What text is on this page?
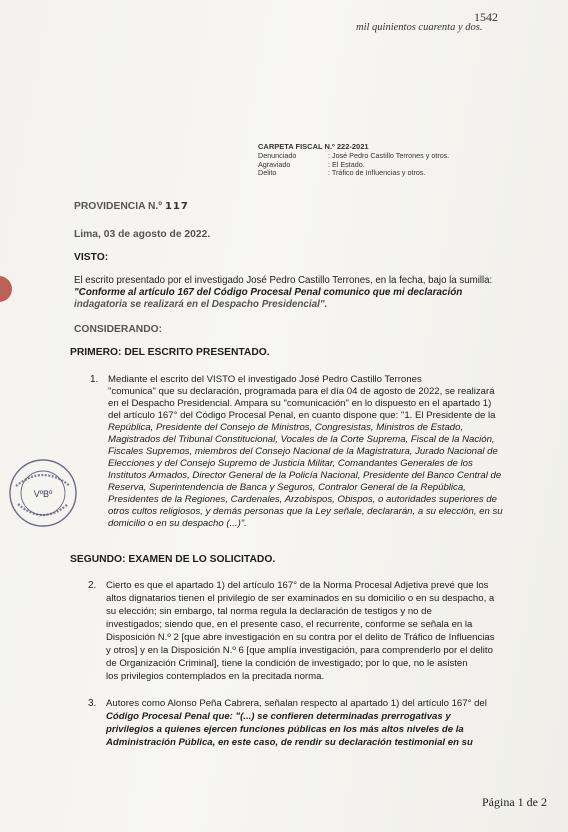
1542
mil quinientos cuarenta y dos.
CARPETA FISCAL N.º 222-2021
Denunciado	: José Pedro Castillo Terrones y otros.
Agraviado	: El Estado.
Delito	: Tráfico de Influencias y otros.
PROVIDENCIA N.º 117
Lima, 03 de agosto de 2022.
VISTO:
El escrito presentado por el investigado José Pedro Castillo Terrones, en la fecha, bajo la sumilla:
"Conforme al artículo 167 del Código Procesal Penal comunico que mi declaración
indagatoria se realizará en el Despacho Presidencial".
CONSIDERANDO:
PRIMERO: DEL ESCRITO PRESENTADO.
1. Mediante el escrito del VISTO el investigado José Pedro Castillo Terrones
"comunica" que su declaración, programada para el día 04 de agosto de 2022, se realizará
en el Despacho Presidencial. Ampara su "comunicación" en lo dispuesto en el apartado 1)
del artículo 167° del Código Procesal Penal, en cuanto dispone que: "1. El Presidente de la
República, Presidente del Consejo de Ministros, Congresistas, Ministros de Estado,
Magistrados del Tribunal Constitucional, Vocales de la Corte Suprema, Fiscal de la Nación,
Fiscales Supremos, miembros del Consejo Nacional de la Magistratura, Jurado Nacional de
Elecciones y del Consejo Supremo de Justicia Militar, Comandantes Generales de los
Institutos Armados, Director General de la Policía Nacional, Presidente del Banco Central de
Reserva, Superintendencia de Banca y Seguros, Contralor General de la República,
Presidentes de la Regiones, Cardenales, Arzobispos, Obispos, o autoridades superiores de
otros cultos religiosos, y demás personas que la Ley señale, declararán, a su elección, en su
domicilio o en su despacho (...)".
VºBº
SEGUNDO: EXAMEN DE LO SOLICITADO.
2. Cierto es que el apartado 1) del artículo 167° de la Norma Procesal Adjetiva prevé que los
altos dignatarios tienen el privilegio de ser examinados en su domicilio o en su despacho, a
su elección; sin embargo, tal norma regula la declaración de testigos y no de
investigados; siendo que, en el presente caso, el recurrente, conforme se señala en la
Disposición N.º 2 [que abre investigación en su contra por el delito de Tráfico de Influencias
y otros] y en la Disposición N.º 6 [que amplía investigación, para comprenderlo por el delito
de Organización Criminal], tiene la condición de investigado; por lo que, no le asisten
los privilegios contemplados en la precitada norma.
3. Autores como Alonso Peña Cabrera, señalan respecto al apartado 1) del artículo 167° del
Código Procesal Penal que: "(...) se confieren determinadas prerrogativas y
privilegios a quienes ejercen funciones públicas en los más altos niveles de la
Administración Pública, en este caso, de rendir su declaración testimonial en su
Página 1 de 2
